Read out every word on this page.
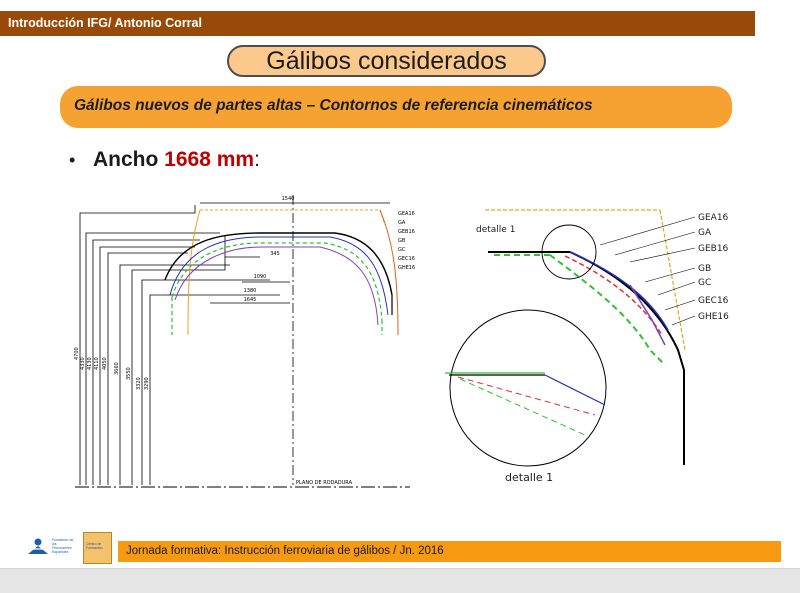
Introducción IFG/ Antonio Corral
Gálibos considerados
Gálibos nuevos de partes altas – Contornos de referencia cinemáticos
• Ancho 1668 mm:
1540
345
1090
1380
1645
4700
4330 4130 4110 4050 3660 3550
3320 3290
GEA16
GA
GEB16
GB
GC
GEC16
GHE16
PLANO DE RODADURA
GEA16
GA
GEB16
GB
GC
GEC16
GHE16
detalle 1
detalle 1
Fundación de los
Ferrocarriles
Españoles
Centro de
Formación Jornada formativa: Instrucción ferroviaria de gálibos / Jn. 2016
